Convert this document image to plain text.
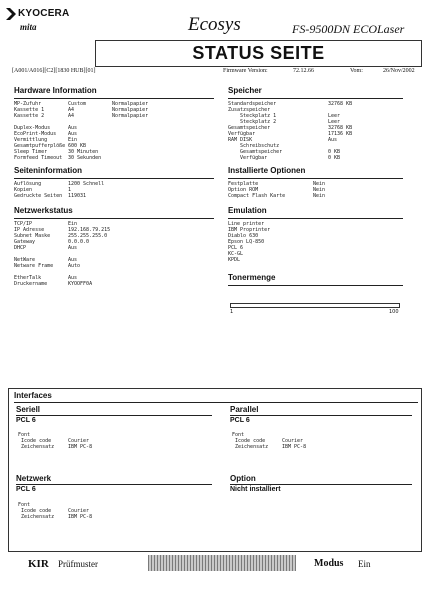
KYOCERA
mita	Ecosys	FS-9500DN ECOLaser
STATUS SEITE
[A001/A016][C2][1830 HUB][01]	Firmware Version:	72.12.66	Vom:	26/Nov/2002
Hardware Information
MP-Zufuhr	Custom	Normalpapier
Kassette 1	A4	Normalpapier
Kassette 2	A4	Normalpapier
Duplex-Modus	Aus
EcoPrint-Modus Aus
Vermittlung	Ein
Gesamtpufferplöße 600 KB
Sleep Timer	30 Minuten
Formfeed Timeout 30 Sekunden
Speicher
Standardspeicher	32768 KB
Zusatzspeicher
Steckplatz 1	Leer
Steckplatz 2	Leer
Gesamtspeicher	32768 KB
Verfügbar	17136 KB
RAM DISK	Aus
Schreibschutz
Gesamtspeicher	0 KB
Verfügbar	0 KB
Seiteninformation
Auflösung	1200 Schnell
Kopien	1
Gedruckte Seiten 119031
Installierte Optionen
Festplatte	Nein
Option ROM	Nein
Compact Flash Karte	Nein
Netzwerkstatus
TCP/IP	Ein
IP Adresse	192.168.79.215
Subnet Maske	255.255.255.0
Gateway	0.0.0.0
DHCP	Aus
NetWare	Aus
Netware Frame	Auto
EtherTalk	Aus
Druckername	KYOOFF0A
Emulation
Line printer
IBM Proprinter
Diablo 630
Epson LQ-850
PCL 6
KC-GL
KPDL
Tonermenge
1	100
Interfaces
Seriell
PCL 6
Font
Icode code	Courier
Zeichensatz	IBM PC-8
Parallel
PCL 6
Font
Icode code	Courier
Zeichensatz	IBM PC-8
Netzwerk
PCL 6
Font
Icode code	Courier
Zeichensatz	IBM PC-8
Option
Nicht installiert
KIR Prüfmuster	Modus Ein
